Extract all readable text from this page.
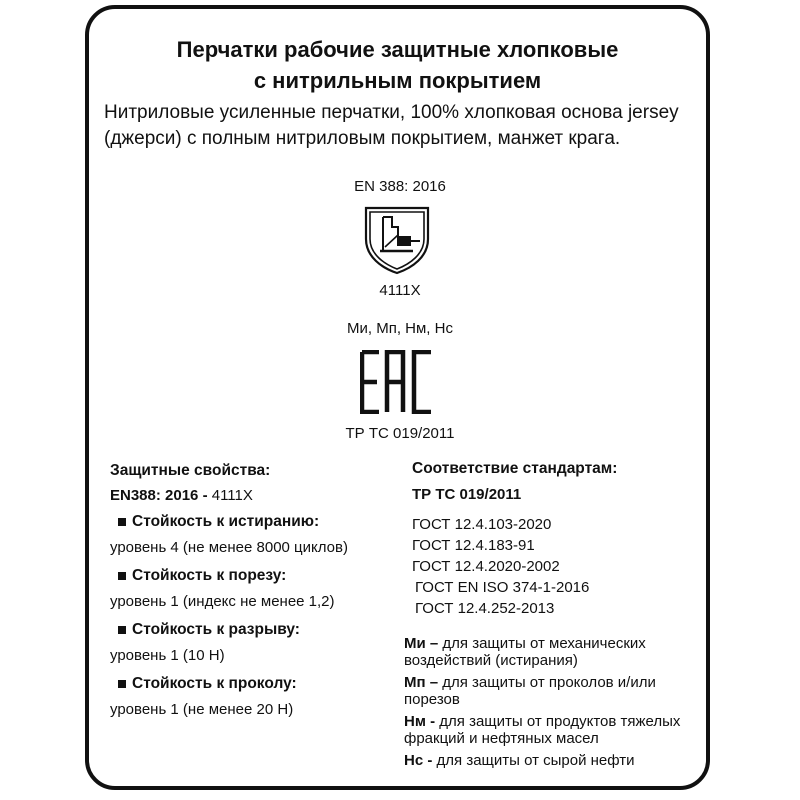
Перчатки рабочие защитные хлопковые
с нитрильным покрытием

Нитриловые усиленные перчатки, 100% хлопковая основа jersey (джерси) с полным нитриловым покрытием, манжет крага.

EN 388: 2016
4111X
Ми, Мп, Нм, Нс
ТР ТС 019/2011
Защитные свойства:
EN388: 2016 - 4111X
Стойкость к истиранию:
уровень 4 (не менее 8000 циклов)
Стойкость к порезу:
уровень 1 (индекс не менее 1,2)
Стойкость к разрыву:
уровень 1 (10 Н)
Стойкость к проколу:
уровень 1 (не менее 20 Н)
Соответствие стандартам:
ТР ТС 019/2011
ГОСТ 12.4.103-2020
ГОСТ 12.4.183-91
ГОСТ 12.4.2020-2002
ГОСТ EN ISO 374-1-2016
ГОСТ 12.4.252-2013
Ми – для защиты от механических воздействий (истирания)
Мп – для защиты от проколов и/или порезов
Нм - для защиты от продуктов тяжелых фракций и нефтяных масел
Нс - для защиты от сырой нефти
